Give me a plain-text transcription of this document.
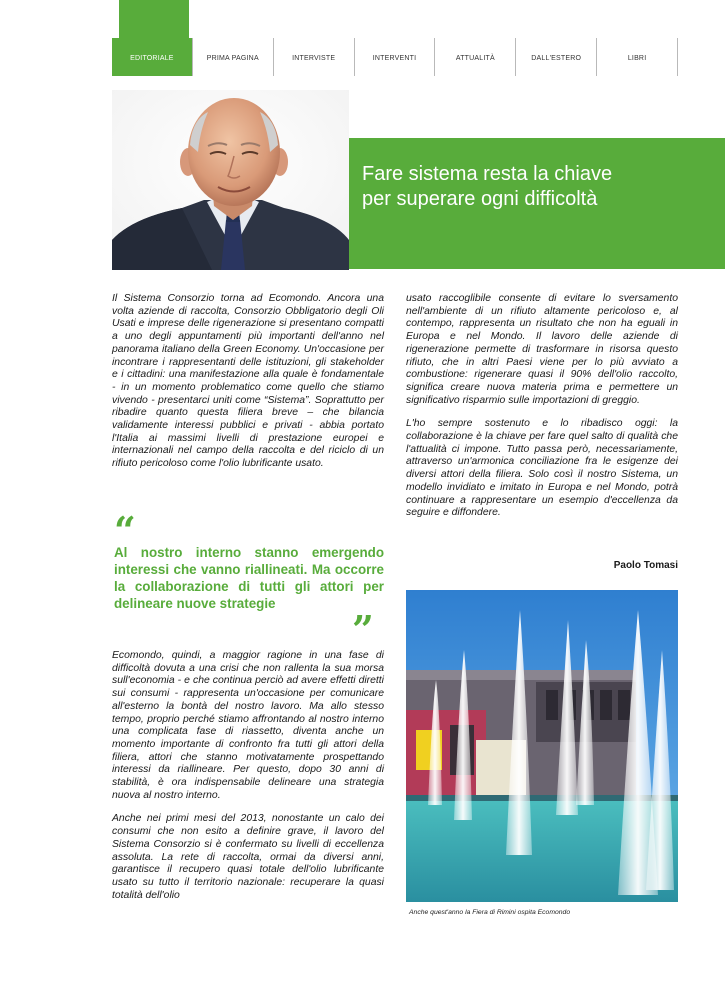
EDITORIALE	PRIMA PAGINA	INTERVISTE	INTERVENTI	ATTUALITÀ	DALL'ESTERO	LIBRI
Fare sistema resta la chiave
per superare ogni difficoltà

Il Sistema Consorzio torna ad Ecomondo. Ancora una volta aziende di raccolta, Consorzio Obbligatorio degli Oli Usati e imprese delle rigenerazione si presentano compatti a uno degli appuntamenti più importanti dell'anno nel panorama italiano della Green Economy. Un'occasione per incontrare i rappresentanti delle istituzioni, gli stakeholder e i cittadini: una manifestazione alla quale è fondamentale - in un momento problematico come quello che stiamo vivendo - presentarci uniti come “Sistema”. Soprattutto per ribadire quanto questa filiera breve – che bilancia validamente interessi pubblici e privati - abbia portato l'Italia ai massimi livelli di prestazione europei e internazionali nel campo della raccolta e del riciclo di un rifiuto pericoloso come l'olio lubrificante usato.

“

Al nostro interno stanno emergendo interessi che vanno riallineati. Ma occorre la collaborazione di tutti gli attori per delineare nuove strategie

”

Ecomondo, quindi, a maggior ragione in una fase di difficoltà dovuta a una crisi che non rallenta la sua morsa sull'economia - e che continua perciò ad avere effetti diretti sui consumi - rappresenta un'occasione per comunicare all'esterno la bontà del nostro lavoro. Ma allo stesso tempo, proprio perché stiamo affrontando al nostro interno una complicata fase di riassetto, diventa anche un momento importante di confronto fra tutti gli attori della filiera, attori che stanno motivatamente prospettando interessi da riallineare. Per questo, dopo 30 anni di stabilità, è ora indispensabile delineare una strategia nuova al nostro interno.

Anche nei primi mesi del 2013, nonostante un calo dei consumi che non esito a definire grave, il lavoro del Sistema Consorzio si è confermato su livelli di eccellenza assoluta. La rete di raccolta, ormai da diversi anni, garantisce il recupero quasi totale dell'olio lubrificante usato su tutto il territorio nazionale: recuperare la quasi totalità dell'olio

usato raccoglibile consente di evitare lo sversamento nell'ambiente di un rifiuto altamente pericoloso e, al contempo, rappresenta un risultato che non ha eguali in Europa e nel Mondo. Il lavoro delle aziende di rigenerazione permette di trasformare in risorsa questo rifiuto, che in altri Paesi viene per lo più avviato a combustione: rigenerare quasi il 90% dell'olio raccolto, significa creare nuova materia prima e permettere un significativo risparmio sulle importazioni di greggio.

L'ho sempre sostenuto e lo ribadisco oggi: la collaborazione è la chiave per fare quel salto di qualità che l'attualità ci impone. Tutto passa però, necessariamente, attraverso un'armonica conciliazione fra le esigenze dei diversi attori della filiera. Solo così il nostro Sistema, un modello invidiato e imitato in Europa e nel Mondo, potrà continuare a rappresentare un esempio d'eccellenza da seguire e diffondere.

Paolo Tomasi
Anche quest'anno la Fiera di Rimini ospita Ecomondo
